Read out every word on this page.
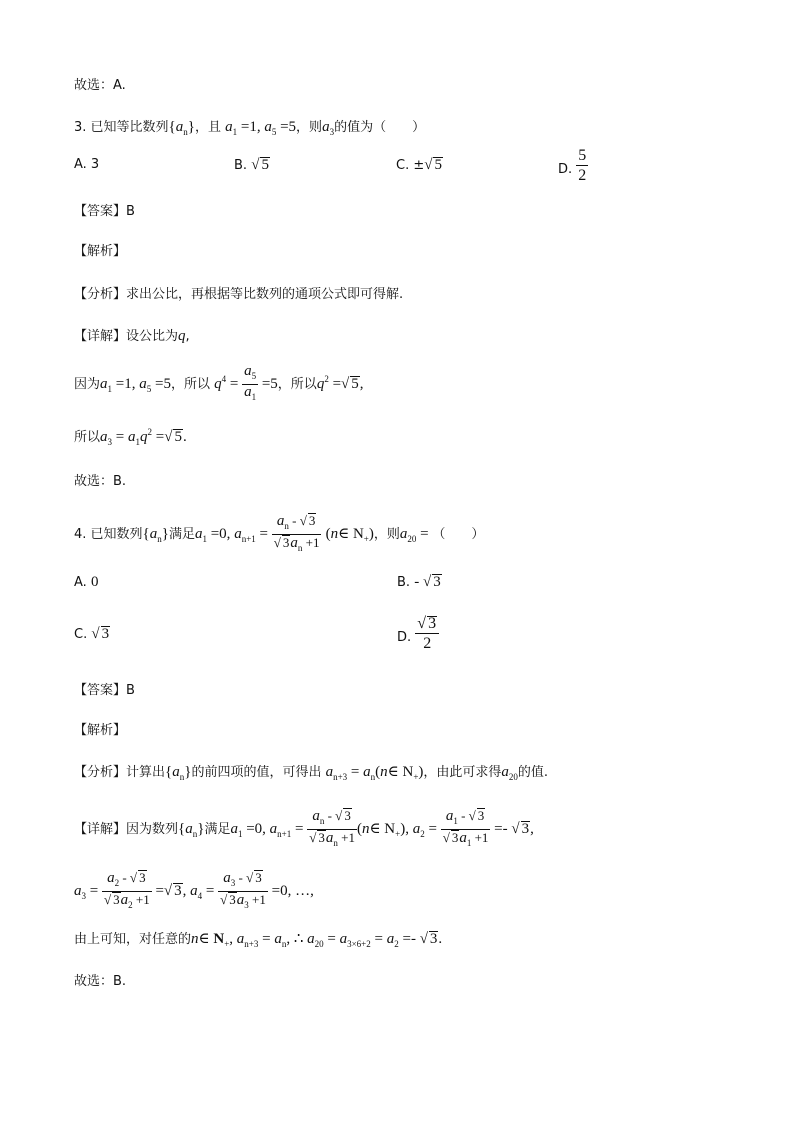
故选：A.
3. 已知等比数列$\{a_n\}$，且 $a_1 =1$, $a_5 =5$，则$a_3$的值为（　　）
A. 3	B. √ 5	C. ±√ 5	D. $\frac{5}{2}$
【答案】B
【解析】
【分析】求出公比，再根据等比数列的通项公式即可得解.
【详解】设公比为q,
因为$a_1 =1$, $a_5 =5$，所以 $q^4 = \frac{a_5}{a_1} =5$，所以$q^2$ =√ 5,
所以$a_3 = a_1q^2$ =√ 5.
故选：B.
4. 已知数列$\{a_n\}$满足$a_1 =0$, $a_{n+1} = \frac{a_n - √ 3}{√ 3a_n +1}$ (n∈ $N_+$)，则$a_{20}$ = （　　）
A. 0	B. - √ 3
C. √ 3	D. $\frac{√ 3}{2}$
【答案】B
【解析】
【分析】计算出$\{a_n\}$的前四项的值，可得出 $a_{n+3}$ = $a_n(n\in$ $N_+$)，由此可求得$a_{20}$的值.
【详解】因为数列$\{a_n\}$满足$a_1 =0$, $a_{n+1} = \frac{a_n - √ 3}{√ 3a_n +1}$ (n∈ $N_+$), $a_2 = \frac{a_1 - √ 3}{√ 3a_1 +1}$ =- √ 3,
$a_3 = \frac{a_2 - √ 3}{√ 3a_2 +1}$ =√ 3, $a_4 = \frac{a_3 - √ 3}{√ 3a_3 +1} =0$, …,
由上可知，对任意的n∈ $N_+$, $a_{n+3} = a_n$, ∴ $a_{20} = a_{3\times 6+2} = a_2$ =- √ 3.
故选：B.
